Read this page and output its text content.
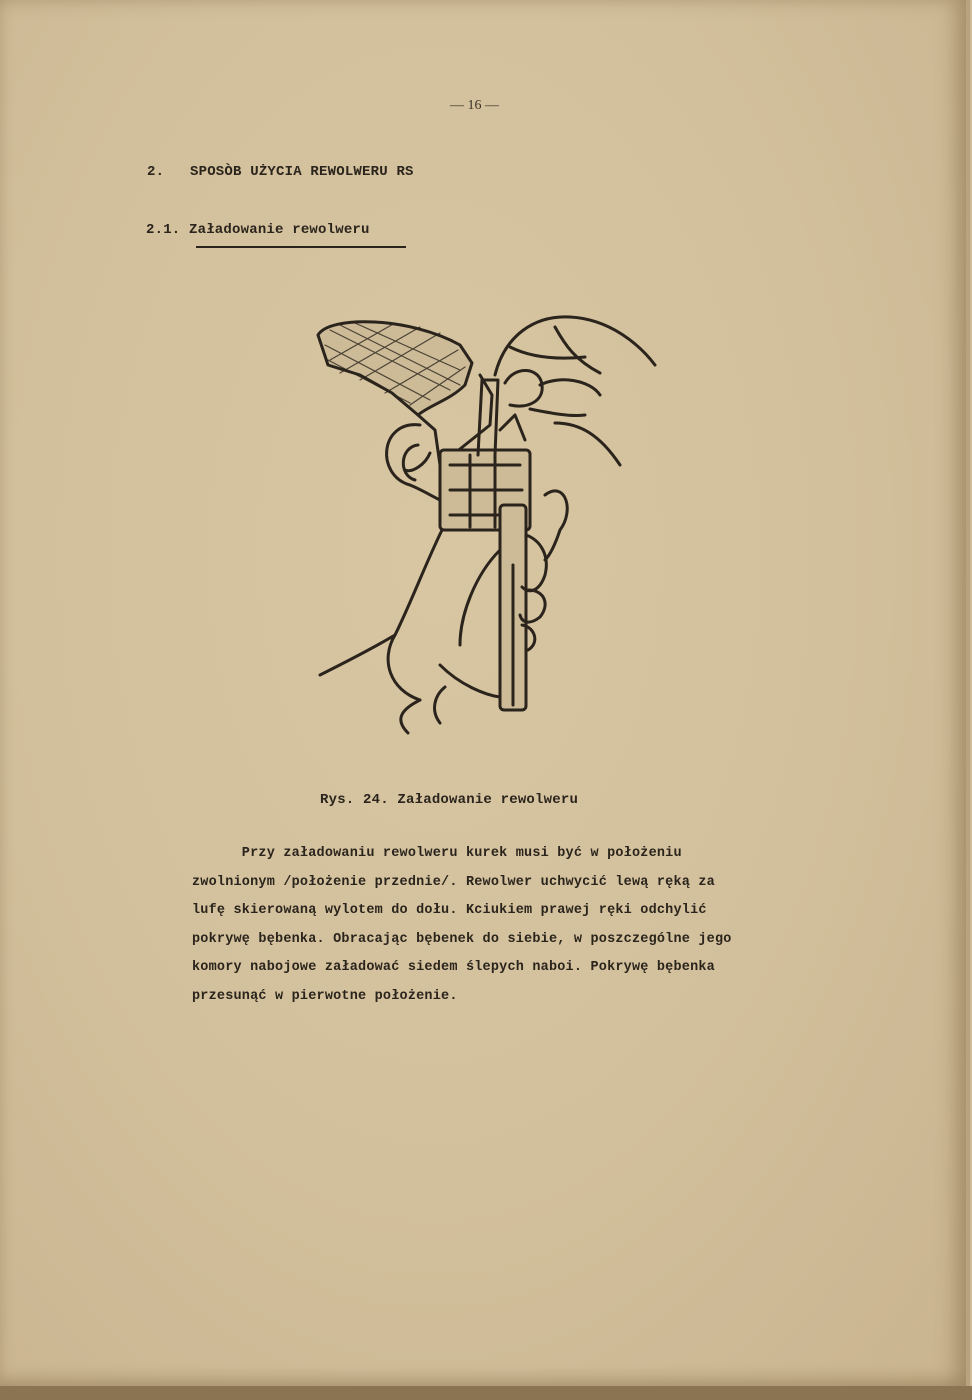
— 16 —
2.   SPOSÒB UŻYCIA REWOLWERU RS
2.1. Załadowanie rewolweru
Rys. 24. Załadowanie rewolweru

Przy załadowaniu rewolweru kurek musi być w położeniu

zwolnionym /położenie przednie/. Rewolwer uchwycić lewą ręką za

lufę skierowaną wylotem do dołu. Kciukiem prawej ręki odchylić

pokrywę bębenka. Obracając bębenek do siebie, w poszczególne jego

komory nabojowe załadować siedem ślepych naboi. Pokrywę bębenka

przesunąć w pierwotne położenie.
